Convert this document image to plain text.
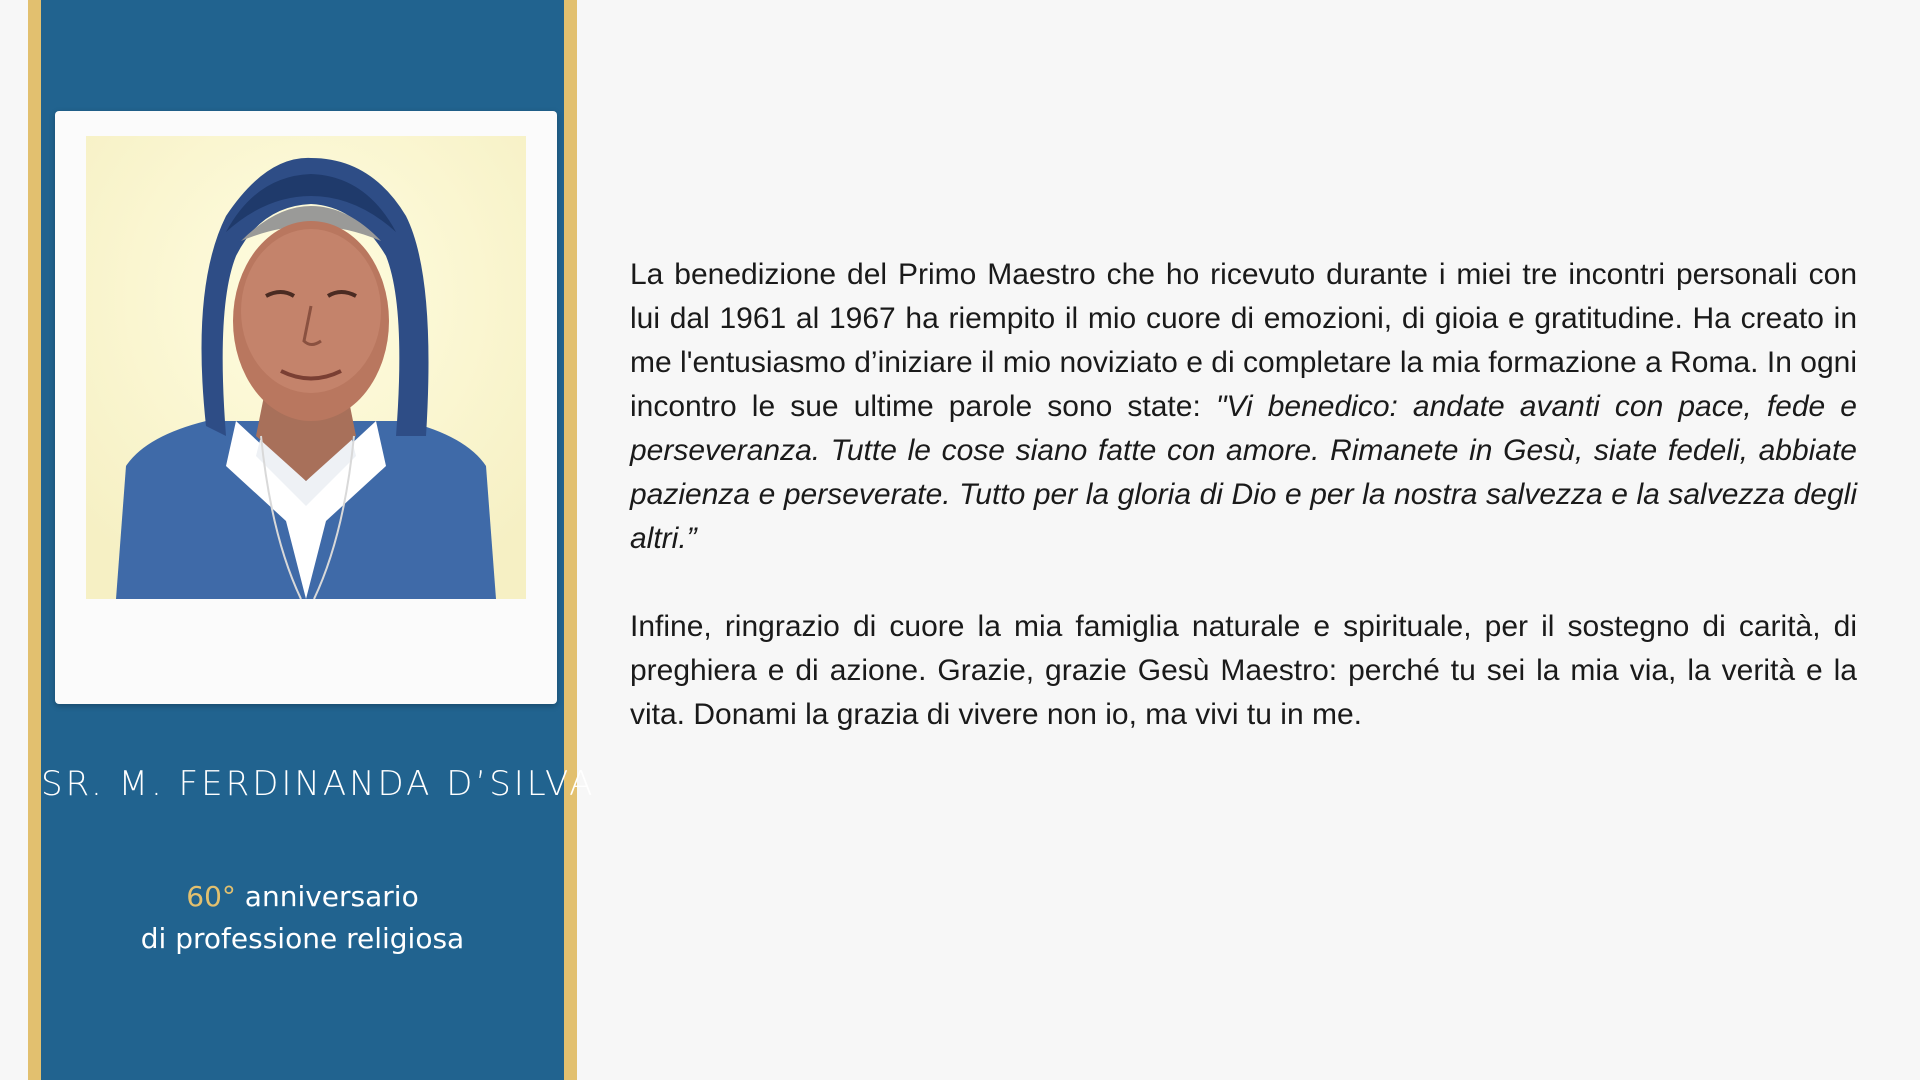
SR. M. FERDINANDA D’SILVA
60° anniversario
di professione religiosa

La benedizione del Primo Maestro che ho ricevuto durante i miei tre incontri personali con lui dal 1961 al 1967 ha riempito il mio cuore di emozioni, di gioia e gratitudine. Ha creato in me l'entusiasmo d’iniziare il mio noviziato e di completare la mia formazione a Roma. In ogni incontro le sue ultime parole sono state: "Vi benedico: andate avanti con pace, fede e perseveranza. Tutte le cose siano fatte con amore. Rimanete in Gesù, siate fedeli, abbiate pazienza e perseverate. Tutto per la gloria di Dio e per la nostra salvezza e la salvezza degli altri.”

Infine, ringrazio di cuore la mia famiglia naturale e spirituale, per il sostegno di carità, di preghiera e di azione. Grazie, grazie Gesù Maestro: perché tu sei la mia via, la verità e la vita. Donami la grazia di vivere non io, ma vivi tu in me.
